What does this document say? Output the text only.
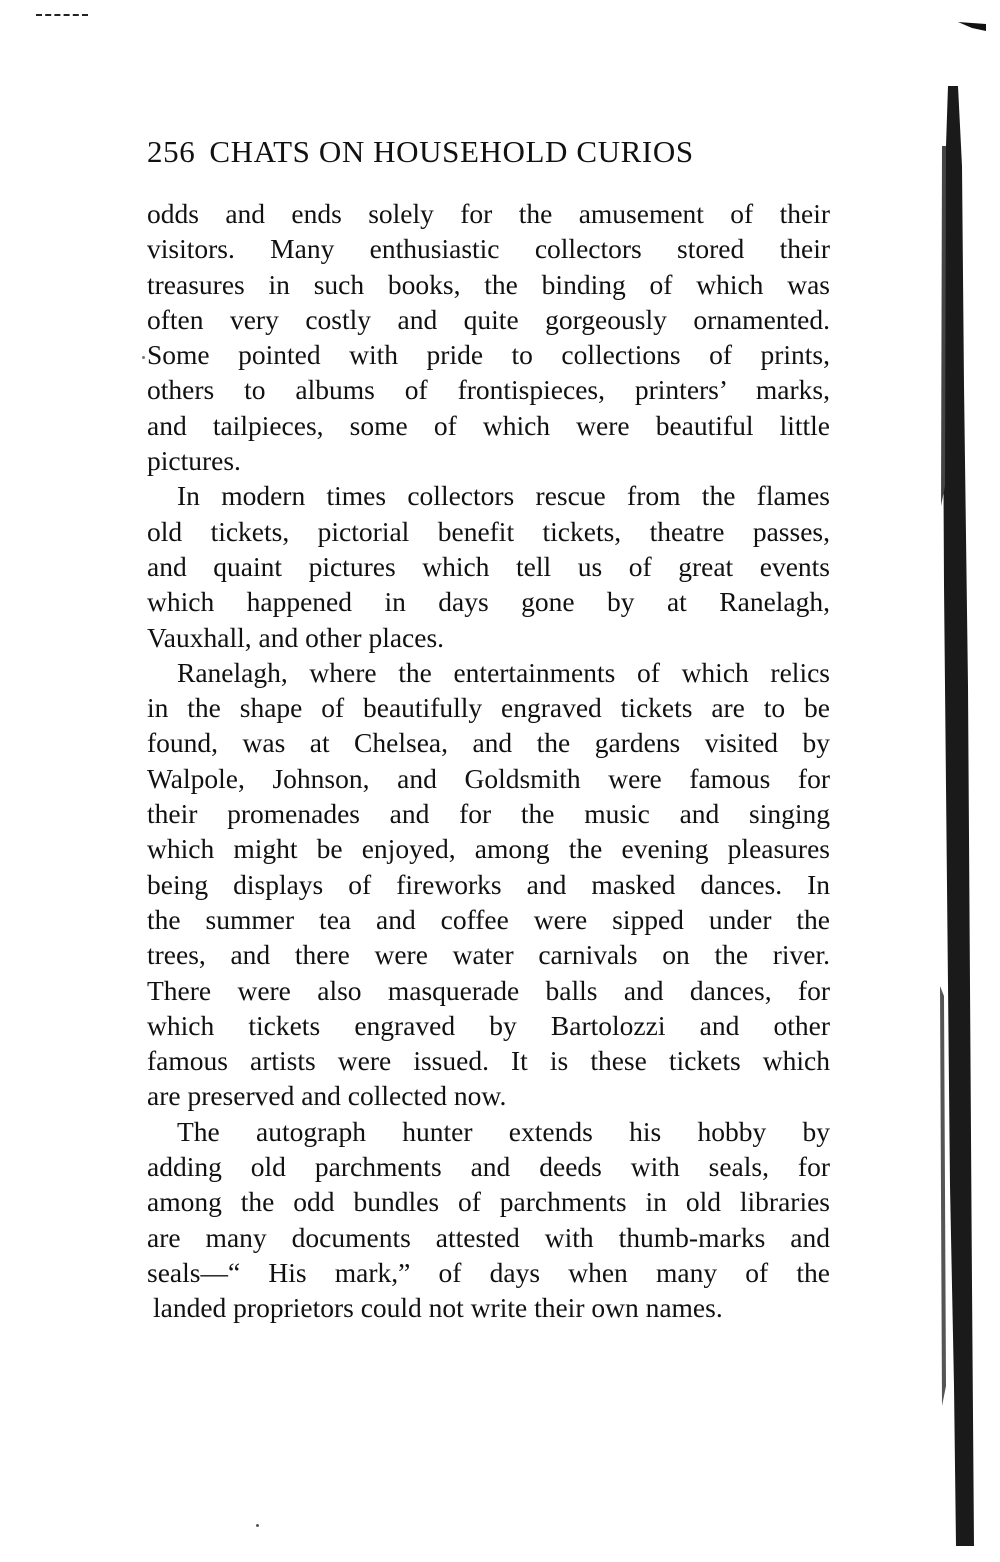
256 CHATS ON HOUSEHOLD CURIOS
odds and ends solely for the amusement of their
visitors. Many enthusiastic collectors stored their
treasures in such books, the binding of which was
often very costly and quite gorgeously ornamented.
Some pointed with pride to collections of prints,
others to albums of frontispieces, printers’ marks,
and tailpieces, some of which were beautiful little
pictures.
In modern times collectors rescue from the flames
old tickets, pictorial benefit tickets, theatre passes,
and quaint pictures which tell us of great events
which happened in days gone by at Ranelagh,
Vauxhall, and other places.
Ranelagh, where the entertainments of which relics
in the shape of beautifully engraved tickets are to be
found, was at Chelsea, and the gardens visited by
Walpole, Johnson, and Goldsmith were famous for
their promenades and for the music and singing
which might be enjoyed, among the evening pleasures
being displays of fireworks and masked dances. In
the summer tea and coffee were sipped under the
trees, and there were water carnivals on the river.
There were also masquerade balls and dances, for
which tickets engraved by Bartolozzi and other
famous artists were issued. It is these tickets which
are preserved and collected now.
The autograph hunter extends his hobby by
adding old parchments and deeds with seals, for
among the odd bundles of parchments in old libraries
are many documents attested with thumb-marks and
seals—“ His mark,” of days when many of the
landed proprietors could not write their own names.
